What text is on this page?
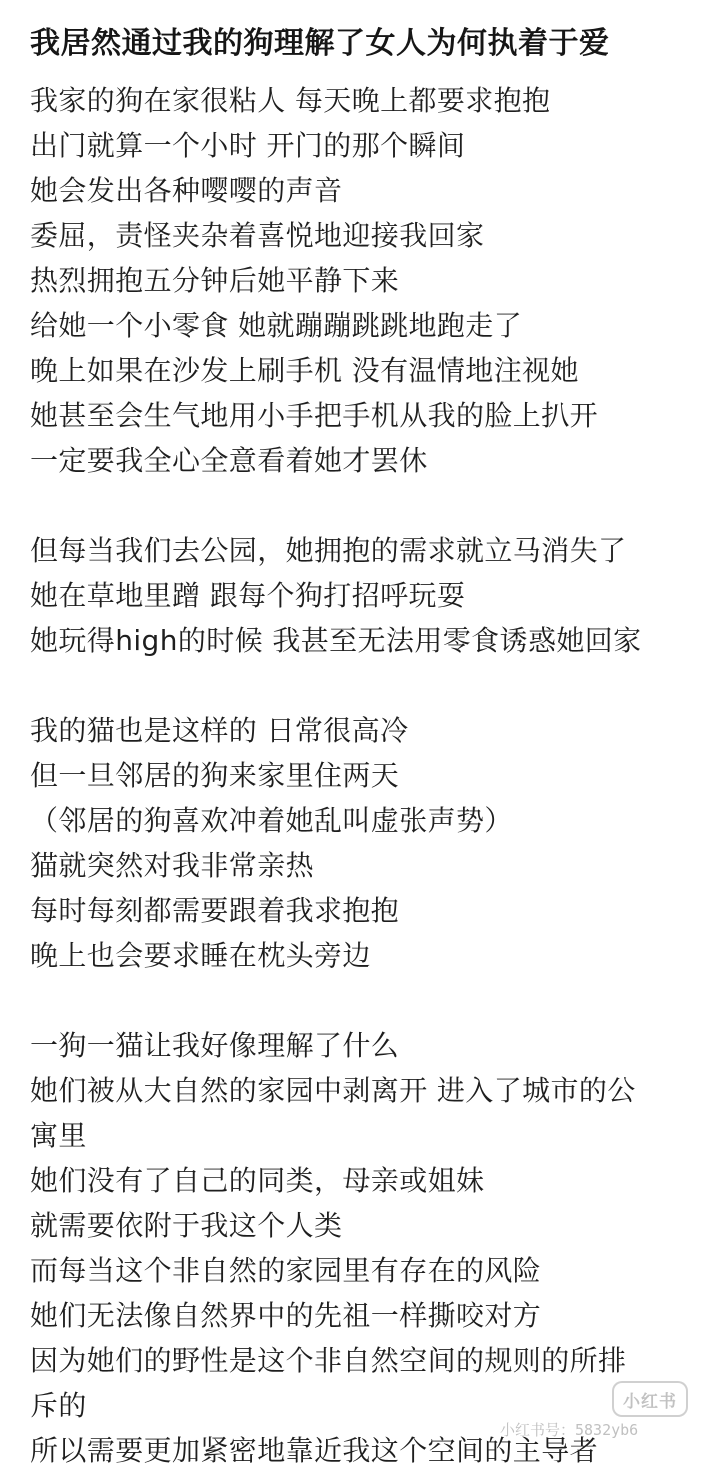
我居然通过我的狗理解了女人为何执着于爱
我家的狗在家很粘人 每天晚上都要求抱抱
出门就算一个小时 开门的那个瞬间
她会发出各种嘤嘤的声音
委屈，责怪夹杂着喜悦地迎接我回家
热烈拥抱五分钟后她平静下来
给她一个小零食 她就蹦蹦跳跳地跑走了
晚上如果在沙发上刷手机 没有温情地注视她
她甚至会生气地用小手把手机从我的脸上扒开
一定要我全心全意看着她才罢休
但每当我们去公园，她拥抱的需求就立马消失了
她在草地里蹭 跟每个狗打招呼玩耍
她玩得high的时候 我甚至无法用零食诱惑她回家
我的猫也是这样的 日常很高冷
但一旦邻居的狗来家里住两天
（邻居的狗喜欢冲着她乱叫虚张声势）
猫就突然对我非常亲热
每时每刻都需要跟着我求抱抱
晚上也会要求睡在枕头旁边
一狗一猫让我好像理解了什么
她们被从大自然的家园中剥离开 进入了城市的公
寓里
她们没有了自己的同类，母亲或姐妹
就需要依附于我这个人类
而每当这个非自然的家园里有存在的风险
她们无法像自然界中的先祖一样撕咬对方
因为她们的野性是这个非自然空间的规则的所排
斥的
所以需要更加紧密地靠近我这个空间的主导者
小红书
小红书号：5832yb6
